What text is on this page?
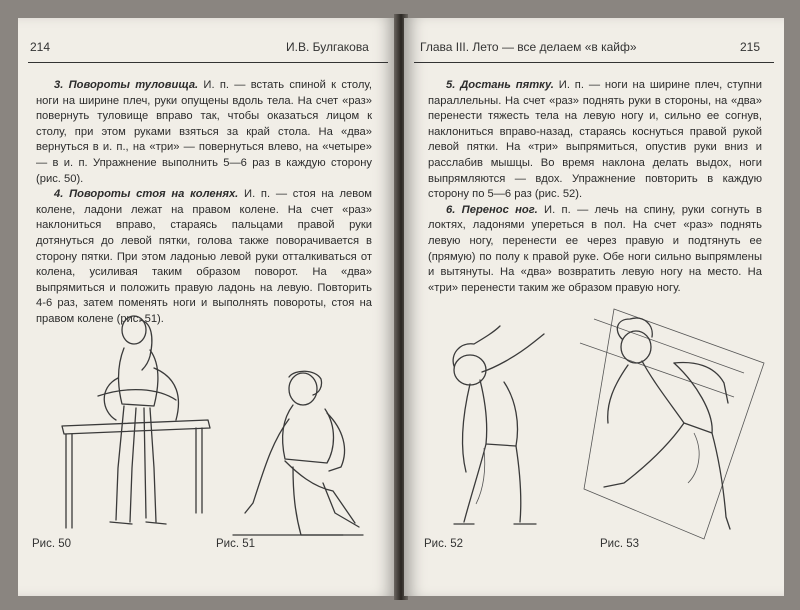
214	И.В. Булгакова

3. Повороты туловища. И. п. — встать спиной к столу, ноги на ширине плеч, руки опущены вдоль тела. На счет «раз» повернуть туловище вправо так, чтобы оказаться лицом к столу, при этом руками взяться за край стола. На «два» вернуться в и. п., на «три» — повернуться влево, на «четыре» — в и. п. Упражнение выполнить 5—6 раз в каждую сторону (рис. 50).

4. Повороты стоя на коленях. И. п. — стоя на левом колене, ладони лежат на правом колене. На счет «раз» наклониться вправо, стараясь пальцами правой руки дотянуться до левой пятки, голова также поворачивается в сторону пятки. При этом ладонью левой руки отталкиваться от колена, усиливая таким образом поворот. На «два» выпрямиться и положить правую ладонь на левую. Повторить 4-6 раз, затем поменять ноги и выполнять повороты, стоя на правом колене (рис. 51).

Рис. 50	Рис. 51
Глава III. Лето — все делаем «в кайф»	215

5. Достань пятку. И. п. — ноги на ширине плеч, ступни параллельны. На счет «раз» поднять руки в стороны, на «два» перенести тяжесть тела на левую ногу и, сильно ее согнув, наклониться вправо-назад, стараясь коснуться правой рукой левой пятки. На «три» выпрямиться, опустив руки вниз и расслабив мышцы. Во время наклона делать выдох, ноги выпрямляются — вдох. Упражнение повторить в каждую сторону по 5—6 раз (рис. 52).

6. Перенос ног. И. п. — лечь на спину, руки согнуть в локтях, ладонями упереться в пол. На счет «раз» поднять левую ногу, перенести ее через правую и подтянуть ее (прямую) по полу к правой руке. Обе ноги сильно выпрямлены и вытянуты. На «два» возвратить левую ногу на место. На «три» перенести таким же образом правую ногу.

Рис. 52	Рис. 53
